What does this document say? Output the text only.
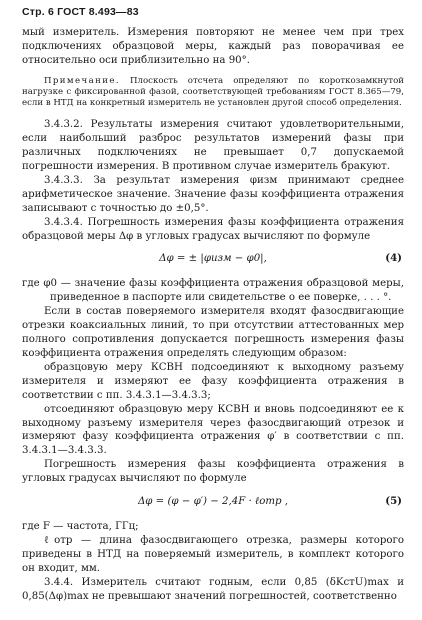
Стр. 6 ГОСТ 8.493—83

мый измеритель. Измерения повторяют не менее чем при трех подключениях образцовой меры, каждый раз поворачивая ее относительно оси приблизительно на 90°.

Примечание. Плоскость отсчета определяют по короткозамкнутой нагрузке с фиксированной фазой, соответствующей требованиям ГОСТ 8.365—79, если в НТД на конкретный измеритель не установлен другой способ определения.

3.4.3.2. Результаты измерения считают удовлетворительными, если наибольший разброс результатов измерений фазы при различных подключениях не превышает 0,7 допускаемой погрешности измерения. В противном случае измеритель бракуют.

3.4.3.3. За результат измерения φизм принимают среднее арифметическое значение. Значение фазы коэффициента отражения записывают с точностью до ±0,5°.

3.4.3.4. Погрешность измерения фазы коэффициента отражения образцовой меры Δφ в угловых градусах вычисляют по формуле

Δφ = ± |φизм − φ0|,	(4)

где φ0 — значение фазы коэффициента отражения образцовой меры, приведенное в паспорте или свидетельстве о ее поверке, . . . °.

Если в состав поверяемого измерителя входят фазосдвигающие отрезки коаксиальных линий, то при отсутствии аттестованных мер полного сопротивления допускается погрешность измерения фазы коэффициента отражения определять следующим образом:

образцовую меру КСВН подсоединяют к выходному разъему измерителя и измеряют ее фазу коэффициента отражения в соответствии с пп. 3.4.3.1—3.4.3.3;

отсоединяют образцовую меру КСВН и вновь подсоединяют ее к выходному разъему измерителя через фазосдвигающий отрезок и измеряют фазу коэффициента отражения φ′ в соответствии с пп. 3.4.3.1—3.4.3.3.

Погрешность измерения фазы коэффициента отражения в угловых градусах вычисляют по формуле

Δφ = (φ − φ′) − 2,4F · ℓотр ,	(5)

где F — частота, ГГц;

ℓотр — длина фазосдвигающего отрезка, размеры которого приведены в НТД на поверяемый измеритель, в комплект которого он входит, мм.

3.4.4. Измеритель считают годным, если 0,85 (δKстU)max и 0,85(Δφ)max не превышают значений погрешностей, соответственно
